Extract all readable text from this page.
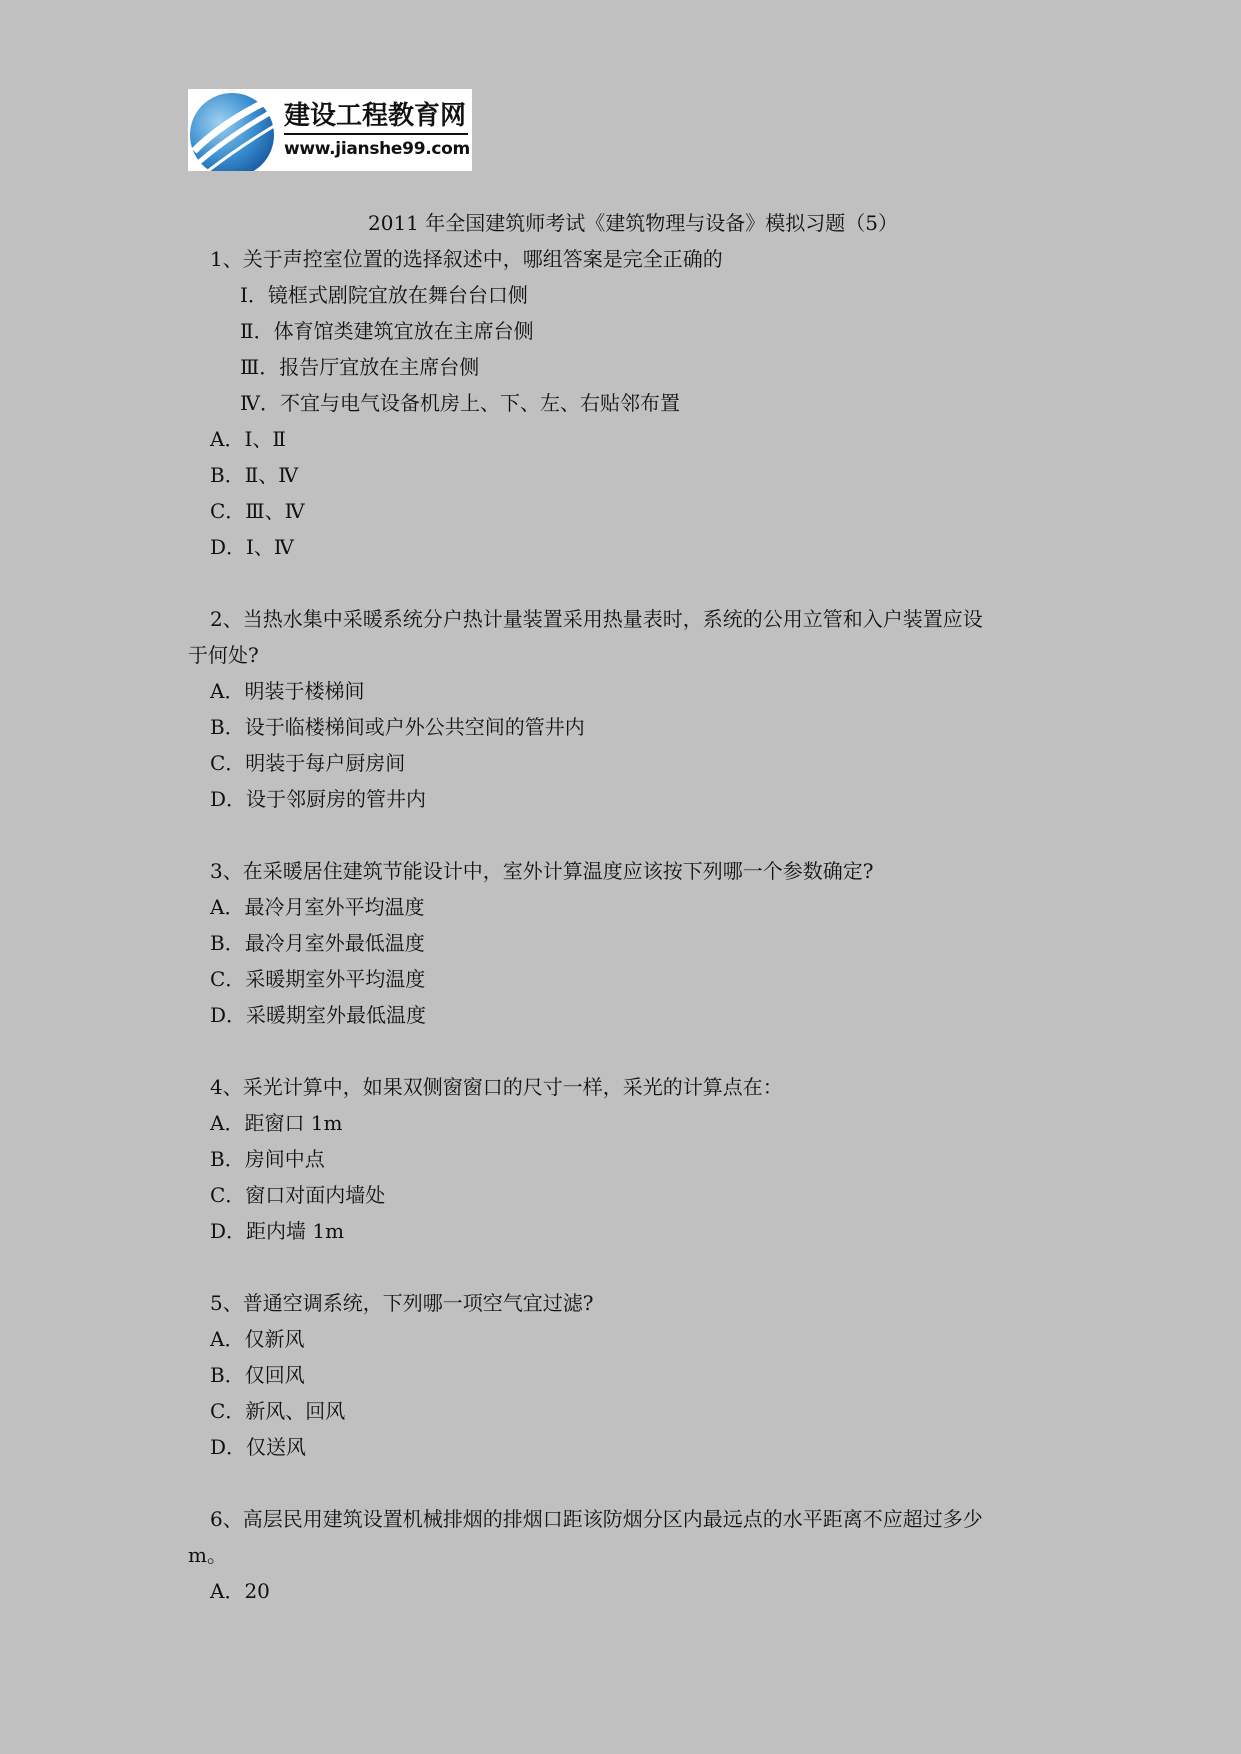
建设工程教育网
www.jianshe99.com

2011 年全国建筑师考试《建筑物理与设备》模拟习题（5）

1、关于声控室位置的选择叙述中，哪组答案是完全正确的

Ⅰ．镜框式剧院宜放在舞台台口侧

Ⅱ．体育馆类建筑宜放在主席台侧

Ⅲ．报告厅宜放在主席台侧

Ⅳ．不宜与电气设备机房上、下、左、右贴邻布置

A．Ⅰ、Ⅱ

B．Ⅱ、Ⅳ

C．Ⅲ、Ⅳ

D．Ⅰ、Ⅳ

2、当热水集中采暖系统分户热计量装置采用热量表时，系统的公用立管和入户装置应设

于何处?

A．明装于楼梯间

B．设于临楼梯间或户外公共空间的管井内

C．明装于每户厨房间

D．设于邻厨房的管井内

3、在采暖居住建筑节能设计中，室外计算温度应该按下列哪一个参数确定?

A．最冷月室外平均温度

B．最冷月室外最低温度

C．采暖期室外平均温度

D．采暖期室外最低温度

4、采光计算中，如果双侧窗窗口的尺寸一样，采光的计算点在：

A．距窗口 1m

B．房间中点

C．窗口对面内墙处

D．距内墙 1m

5、普通空调系统，下列哪一项空气宜过滤?

A．仅新风

B．仅回风

C．新风、回风

D．仅送风

6、高层民用建筑设置机械排烟的排烟口距该防烟分区内最远点的水平距离不应超过多少

m。

A．20
